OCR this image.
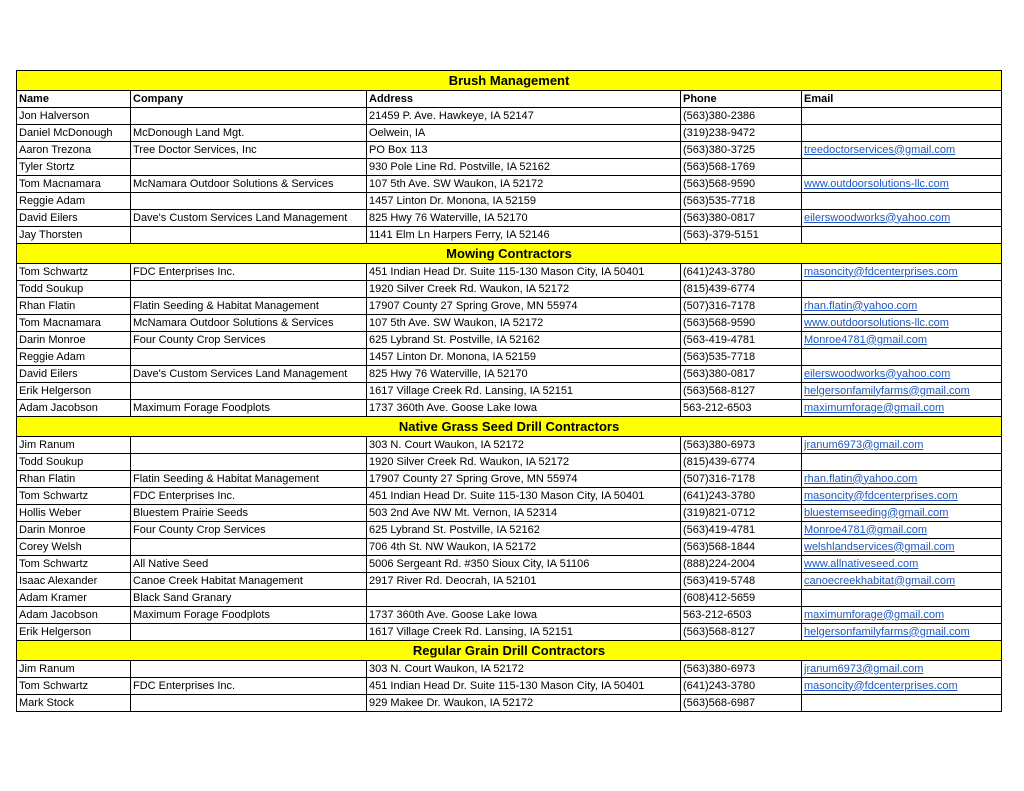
Brush Management				
Name	Company	Address	Phone	Email
Jon Halverson		21459 P. Ave. Hawkeye, IA 52147	(563)380-2386	
Daniel McDonough	McDonough Land Mgt.	Oelwein, IA	(319)238-9472	
Aaron Trezona	Tree Doctor Services, Inc	PO Box 113	(563)380-3725	treedoctorservices@gmail.com
Tyler Stortz		930 Pole Line Rd. Postville, IA 52162	(563)568-1769	
Tom Macnamara	McNamara Outdoor Solutions & Services	107 5th Ave. SW Waukon, IA 52172	(563)568-9590	www.outdoorsolutions-llc.com
Reggie Adam		1457 Linton Dr. Monona, IA 52159	(563)535-7718	
David Eilers	Dave's Custom Services Land Management	825 Hwy 76 Waterville, IA 52170	(563)380-0817	eilerswoodworks@yahoo.com
Jay Thorsten		1141 Elm Ln Harpers Ferry, IA 52146	(563)-379-5151	
Mowing Contractors				
Tom Schwartz	FDC Enterprises Inc.	451 Indian Head Dr. Suite 115-130 Mason City, IA 50401	(641)243-3780	masoncity@fdcenterprises.com
Todd Soukup		1920 Silver Creek Rd. Waukon, IA 52172	(815)439-6774	
Rhan Flatin	Flatin Seeding & Habitat Management	17907 County 27 Spring Grove, MN 55974	(507)316-7178	rhan.flatin@yahoo.com
Tom Macnamara	McNamara Outdoor Solutions & Services	107 5th Ave. SW Waukon, IA 52172	(563)568-9590	www.outdoorsolutions-llc.com
Darin Monroe	Four County Crop Services	625 Lybrand St. Postville, IA 52162	(563-419-4781	Monroe4781@gmail.com
Reggie Adam		1457 Linton Dr. Monona, IA 52159	(563)535-7718	
David Eilers	Dave's Custom Services Land Management	825 Hwy 76 Waterville, IA 52170	(563)380-0817	eilerswoodworks@yahoo.com
Erik Helgerson		1617 Village Creek Rd. Lansing, IA 52151	(563)568-8127	helgersonfamilyfarms@gmail.com
Adam Jacobson	Maximum Forage Foodplots	1737 360th Ave. Goose Lake Iowa	563-212-6503	maximumforage@gmail.com
Native Grass Seed Drill Contractors				
Jim Ranum		303 N. Court Waukon, IA 52172	(563)380-6973	jranum6973@gmail.com
Todd Soukup		1920 Silver Creek Rd. Waukon, IA 52172	(815)439-6774	
Rhan Flatin	Flatin Seeding & Habitat Management	17907 County 27 Spring Grove, MN 55974	(507)316-7178	rhan.flatin@yahoo.com
Tom Schwartz	FDC Enterprises Inc.	451 Indian Head Dr. Suite 115-130 Mason City, IA 50401	(641)243-3780	masoncity@fdcenterprises.com
Hollis Weber	Bluestem Prairie Seeds	503 2nd Ave NW Mt. Vernon, IA 52314	(319)821-0712	bluestemseeding@gmail.com
Darin Monroe	Four County Crop Services	625 Lybrand St. Postville, IA 52162	(563)419-4781	Monroe4781@gmail.com
Corey Welsh		706 4th St. NW Waukon, IA 52172	(563)568-1844	welshlandservices@gmail.com
Tom Schwartz	All Native Seed	5006 Sergeant Rd. #350 Sioux City, IA 51106	(888)224-2004	www.allnativeseed.com
Isaac Alexander	Canoe Creek Habitat Management	2917 River Rd. Deocrah, IA 52101	(563)419-5748	canoecreekhabitat@gmail.com
Adam Kramer	Black Sand Granary		(608)412-5659	
Adam Jacobson	Maximum Forage Foodplots	1737 360th Ave. Goose Lake Iowa	563-212-6503	maximumforage@gmail.com
Erik Helgerson		1617 Village Creek Rd. Lansing, IA 52151	(563)568-8127	helgersonfamilyfarms@gmail.com
Regular Grain Drill Contractors				
Jim Ranum		303 N. Court Waukon, IA 52172	(563)380-6973	jranum6973@gmail.com
Tom Schwartz	FDC Enterprises Inc.	451 Indian Head Dr. Suite 115-130 Mason City, IA 50401	(641)243-3780	masoncity@fdcenterprises.com
Mark Stock		929 Makee Dr. Waukon, IA 52172	(563)568-6987	
